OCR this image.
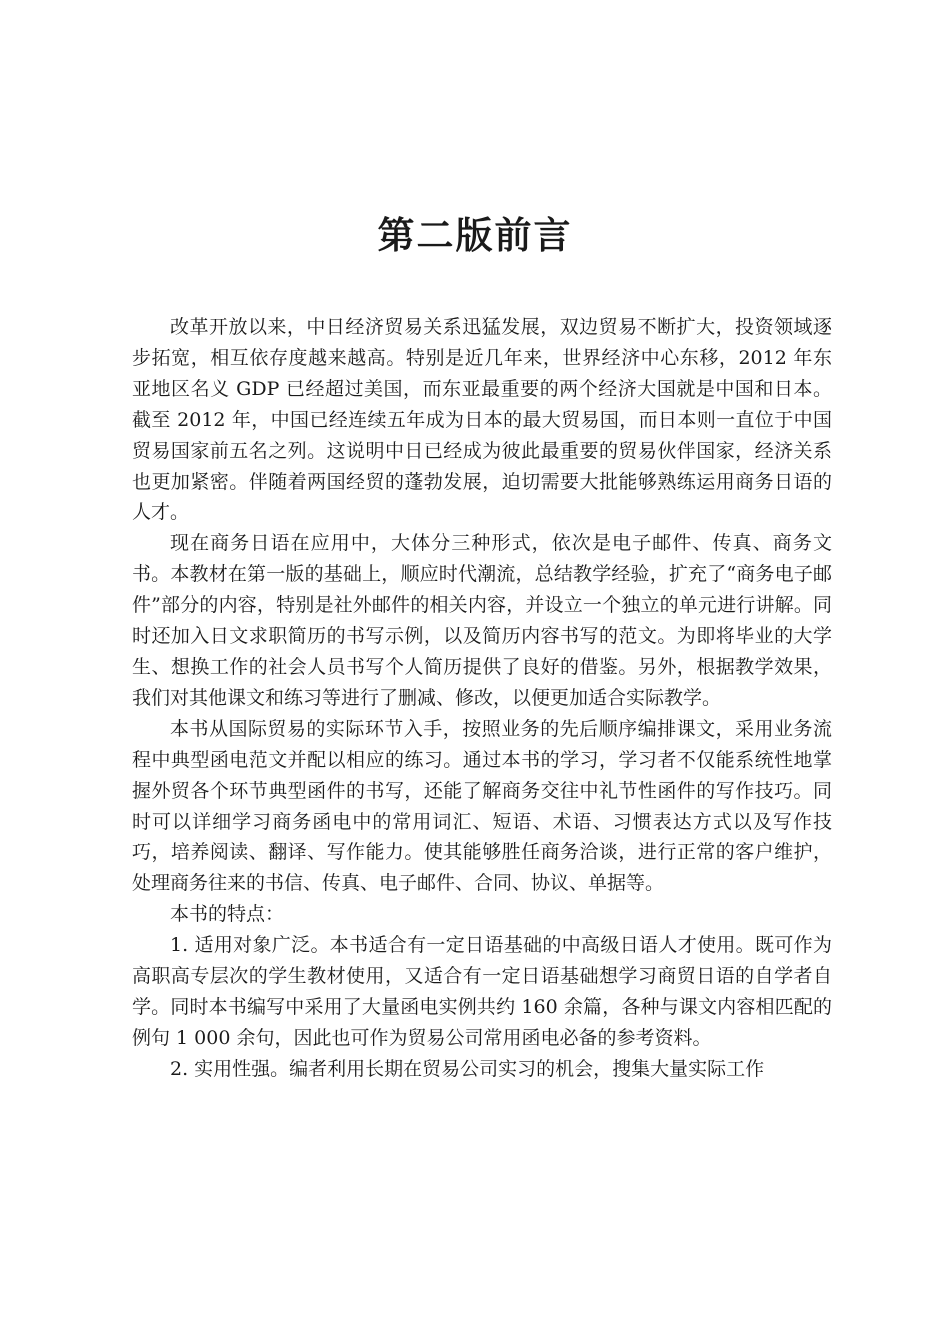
第二版前言

改革开放以来，中日经济贸易关系迅猛发展，双边贸易不断扩大，投资领域逐步拓宽，相互依存度越来越高。特别是近几年来，世界经济中心东移，2012 年东亚地区名义 GDP 已经超过美国，而东亚最重要的两个经济大国就是中国和日本。截至 2012 年，中国已经连续五年成为日本的最大贸易国，而日本则一直位于中国贸易国家前五名之列。这说明中日已经成为彼此最重要的贸易伙伴国家，经济关系也更加紧密。伴随着两国经贸的蓬勃发展，迫切需要大批能够熟练运用商务日语的人才。

现在商务日语在应用中，大体分三种形式，依次是电子邮件、传真、商务文书。本教材在第一版的基础上，顺应时代潮流，总结教学经验，扩充了“商务电子邮件”部分的内容，特别是社外邮件的相关内容，并设立一个独立的单元进行讲解。同时还加入日文求职简历的书写示例，以及简历内容书写的范文。为即将毕业的大学生、想换工作的社会人员书写个人简历提供了良好的借鉴。另外，根据教学效果，我们对其他课文和练习等进行了删减、修改，以便更加适合实际教学。

本书从国际贸易的实际环节入手，按照业务的先后顺序编排课文，采用业务流程中典型函电范文并配以相应的练习。通过本书的学习，学习者不仅能系统性地掌握外贸各个环节典型函件的书写，还能了解商务交往中礼节性函件的写作技巧。同时可以详细学习商务函电中的常用词汇、短语、术语、习惯表达方式以及写作技巧，培养阅读、翻译、写作能力。使其能够胜任商务洽谈，进行正常的客户维护，处理商务往来的书信、传真、电子邮件、合同、协议、单据等。

本书的特点：

1. 适用对象广泛。本书适合有一定日语基础的中高级日语人才使用。既可作为高职高专层次的学生教材使用，又适合有一定日语基础想学习商贸日语的自学者自学。同时本书编写中采用了大量函电实例共约 160 余篇，各种与课文内容相匹配的例句 1 000 余句，因此也可作为贸易公司常用函电必备的参考资料。

2. 实用性强。编者利用长期在贸易公司实习的机会，搜集大量实际工作
